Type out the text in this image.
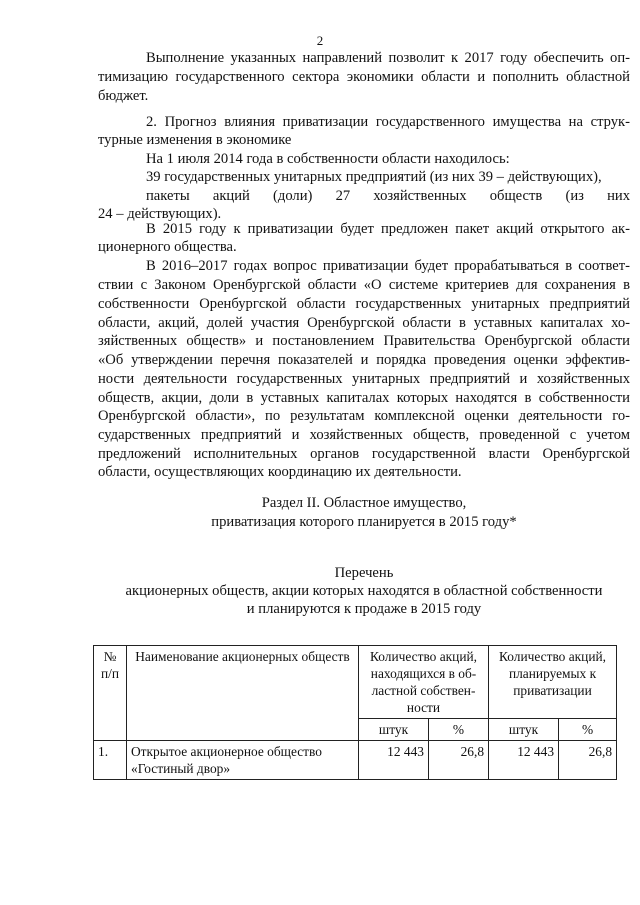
2
Выполнение указанных направлений позволит к 2017 году обеспечить оп-
тимизацию государственного сектора экономики области и пополнить областной
бюджет.
2. Прогноз влияния приватизации государственного имущества на струк-
турные изменения в экономике
На 1 июля 2014 года в собственности области находилось:
39 государственных унитарных предприятий (из них 39 – действующих),
пакеты акций (доли) 27 хозяйственных обществ (из них
24 – действующих).
В 2015 году к приватизации будет предложен пакет акций открытого ак-
ционерного общества.
В 2016–2017 годах вопрос приватизации будет прорабатываться в соответ-
ствии с Законом Оренбургской области «О системе критериев для сохранения в
собственности Оренбургской области государственных унитарных предприятий
области, акций, долей участия Оренбургской области в уставных капиталах хо-
зяйственных обществ» и постановлением Правительства Оренбургской области
«Об утверждении перечня показателей и порядка проведения оценки эффектив-
ности деятельности государственных унитарных предприятий и хозяйственных
обществ, акции, доли в уставных капиталах которых находятся в собственности
Оренбургской области», по результатам комплексной оценки деятельности го-
сударственных предприятий и хозяйственных обществ, проведенной с учетом
предложений исполнительных органов государственной власти Оренбургской
области, осуществляющих координацию их деятельности.
Раздел II. Областное имущество,
приватизация которого планируется в 2015 году*
Перечень
акционерных обществ, акции которых находятся в областной собственности
и планируются к продаже в 2015 году
№ п/п	Наименование акционерных обществ	Количество акций, находящихся в об- ластной собствен- ности		Количество акций, планируемых к приватизации	
		штук	%	штук	%
1.	Открытое акционерное общество
«Гостиный двор»	12 443	26,8	12 443	26,8
